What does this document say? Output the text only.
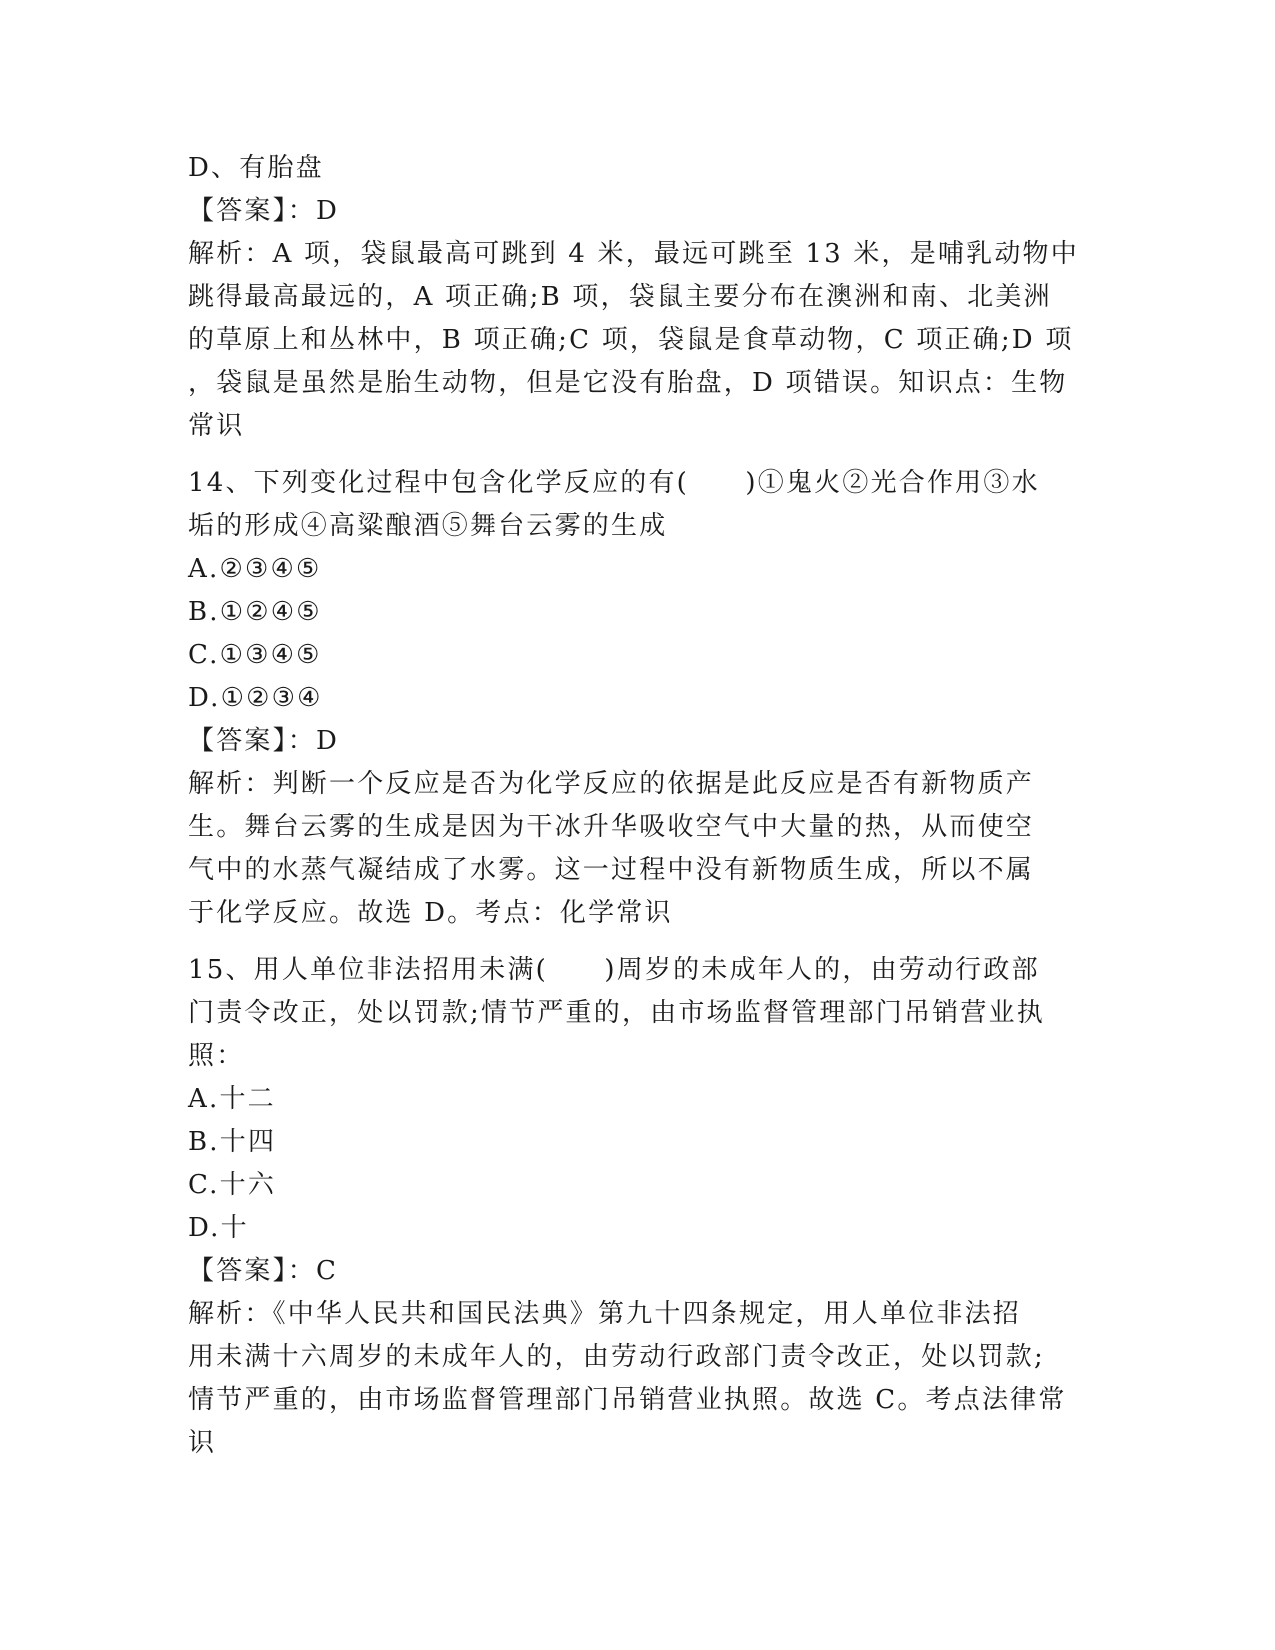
D、有胎盘
【答案】：D
解析：A 项，袋鼠最高可跳到 4 米，最远可跳至 13 米，是哺乳动物中
跳得最高最远的，A 项正确;B 项，袋鼠主要分布在澳洲和南、北美洲
的草原上和丛林中，B 项正确;C 项，袋鼠是食草动物，C 项正确;D 项
，袋鼠是虽然是胎生动物，但是它没有胎盘，D 项错误。知识点：生物
常识
14、下列变化过程中包含化学反应的有(　　)①鬼火②光合作用③水
垢的形成④高粱酿酒⑤舞台云雾的生成
A.②③④⑤
B.①②④⑤
C.①③④⑤
D.①②③④
【答案】：D
解析：判断一个反应是否为化学反应的依据是此反应是否有新物质产
生。舞台云雾的生成是因为干冰升华吸收空气中大量的热，从而使空
气中的水蒸气凝结成了水雾。这一过程中没有新物质生成，所以不属
于化学反应。故选 D。考点：化学常识
15、用人单位非法招用未满(　　)周岁的未成年人的，由劳动行政部
门责令改正，处以罚款;情节严重的，由市场监督管理部门吊销营业执
照：
A.十二
B.十四
C.十六
D.十
【答案】：C
解析：《中华人民共和国民法典》第九十四条规定，用人单位非法招
用未满十六周岁的未成年人的，由劳动行政部门责令改正，处以罚款;
情节严重的，由市场监督管理部门吊销营业执照。故选 C。考点法律常
识
